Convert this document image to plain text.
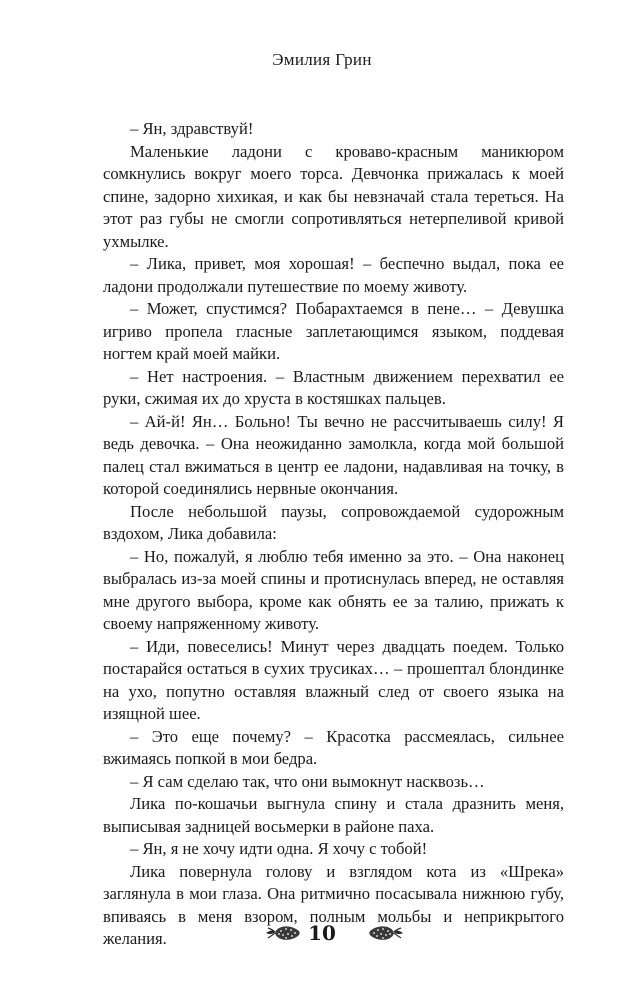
Эмилия Грин

– Ян, здравствуй!

Маленькие ладони с кроваво-красным маникюром сомкнулись вокруг моего торса. Девчонка прижалась к моей спине, задорно хихикая, и как бы невзначай стала тереться. На этот раз губы не смогли сопротивляться нетерпеливой кривой ухмылке.

– Лика, привет, моя хорошая! – беспечно выдал, пока ее ладони продолжали путешествие по моему животу.

– Может, спустимся? Побарахтаемся в пене… – Девушка игриво пропела гласные заплетающимся языком, поддевая ногтем край моей майки.

– Нет настроения. – Властным движением перехватил ее руки, сжимая их до хруста в костяшках пальцев.

– Ай-й! Ян… Больно! Ты вечно не рассчитываешь силу! Я ведь девочка. – Она неожиданно замолкла, когда мой большой палец стал вжиматься в центр ее ладони, надавливая на точку, в которой соединялись нервные окончания.

После небольшой паузы, сопровождаемой судорожным вздохом, Лика добавила:

– Но, пожалуй, я люблю тебя именно за это. – Она наконец выбралась из-за моей спины и протиснулась вперед, не оставляя мне другого выбора, кроме как обнять ее за талию, прижать к своему напряженному животу.

– Иди, повеселись! Минут через двадцать поедем. Только постарайся остаться в сухих трусиках… – прошептал блондинке на ухо, попутно оставляя влажный след от своего языка на изящной шее.

– Это еще почему? – Красотка рассмеялась, сильнее вжимаясь попкой в мои бедра.

– Я сам сделаю так, что они вымокнут насквозь…

Лика по-кошачьи выгнула спину и стала дразнить меня, выписывая задницей восьмерки в районе паха.

– Ян, я не хочу идти одна. Я хочу с тобой!

Лика повернула голову и взглядом кота из «Шрека» заглянула в мои глаза. Она ритмично посасывала нижнюю губу, впиваясь в меня взором, полным мольбы и неприкрытого желания.	10
